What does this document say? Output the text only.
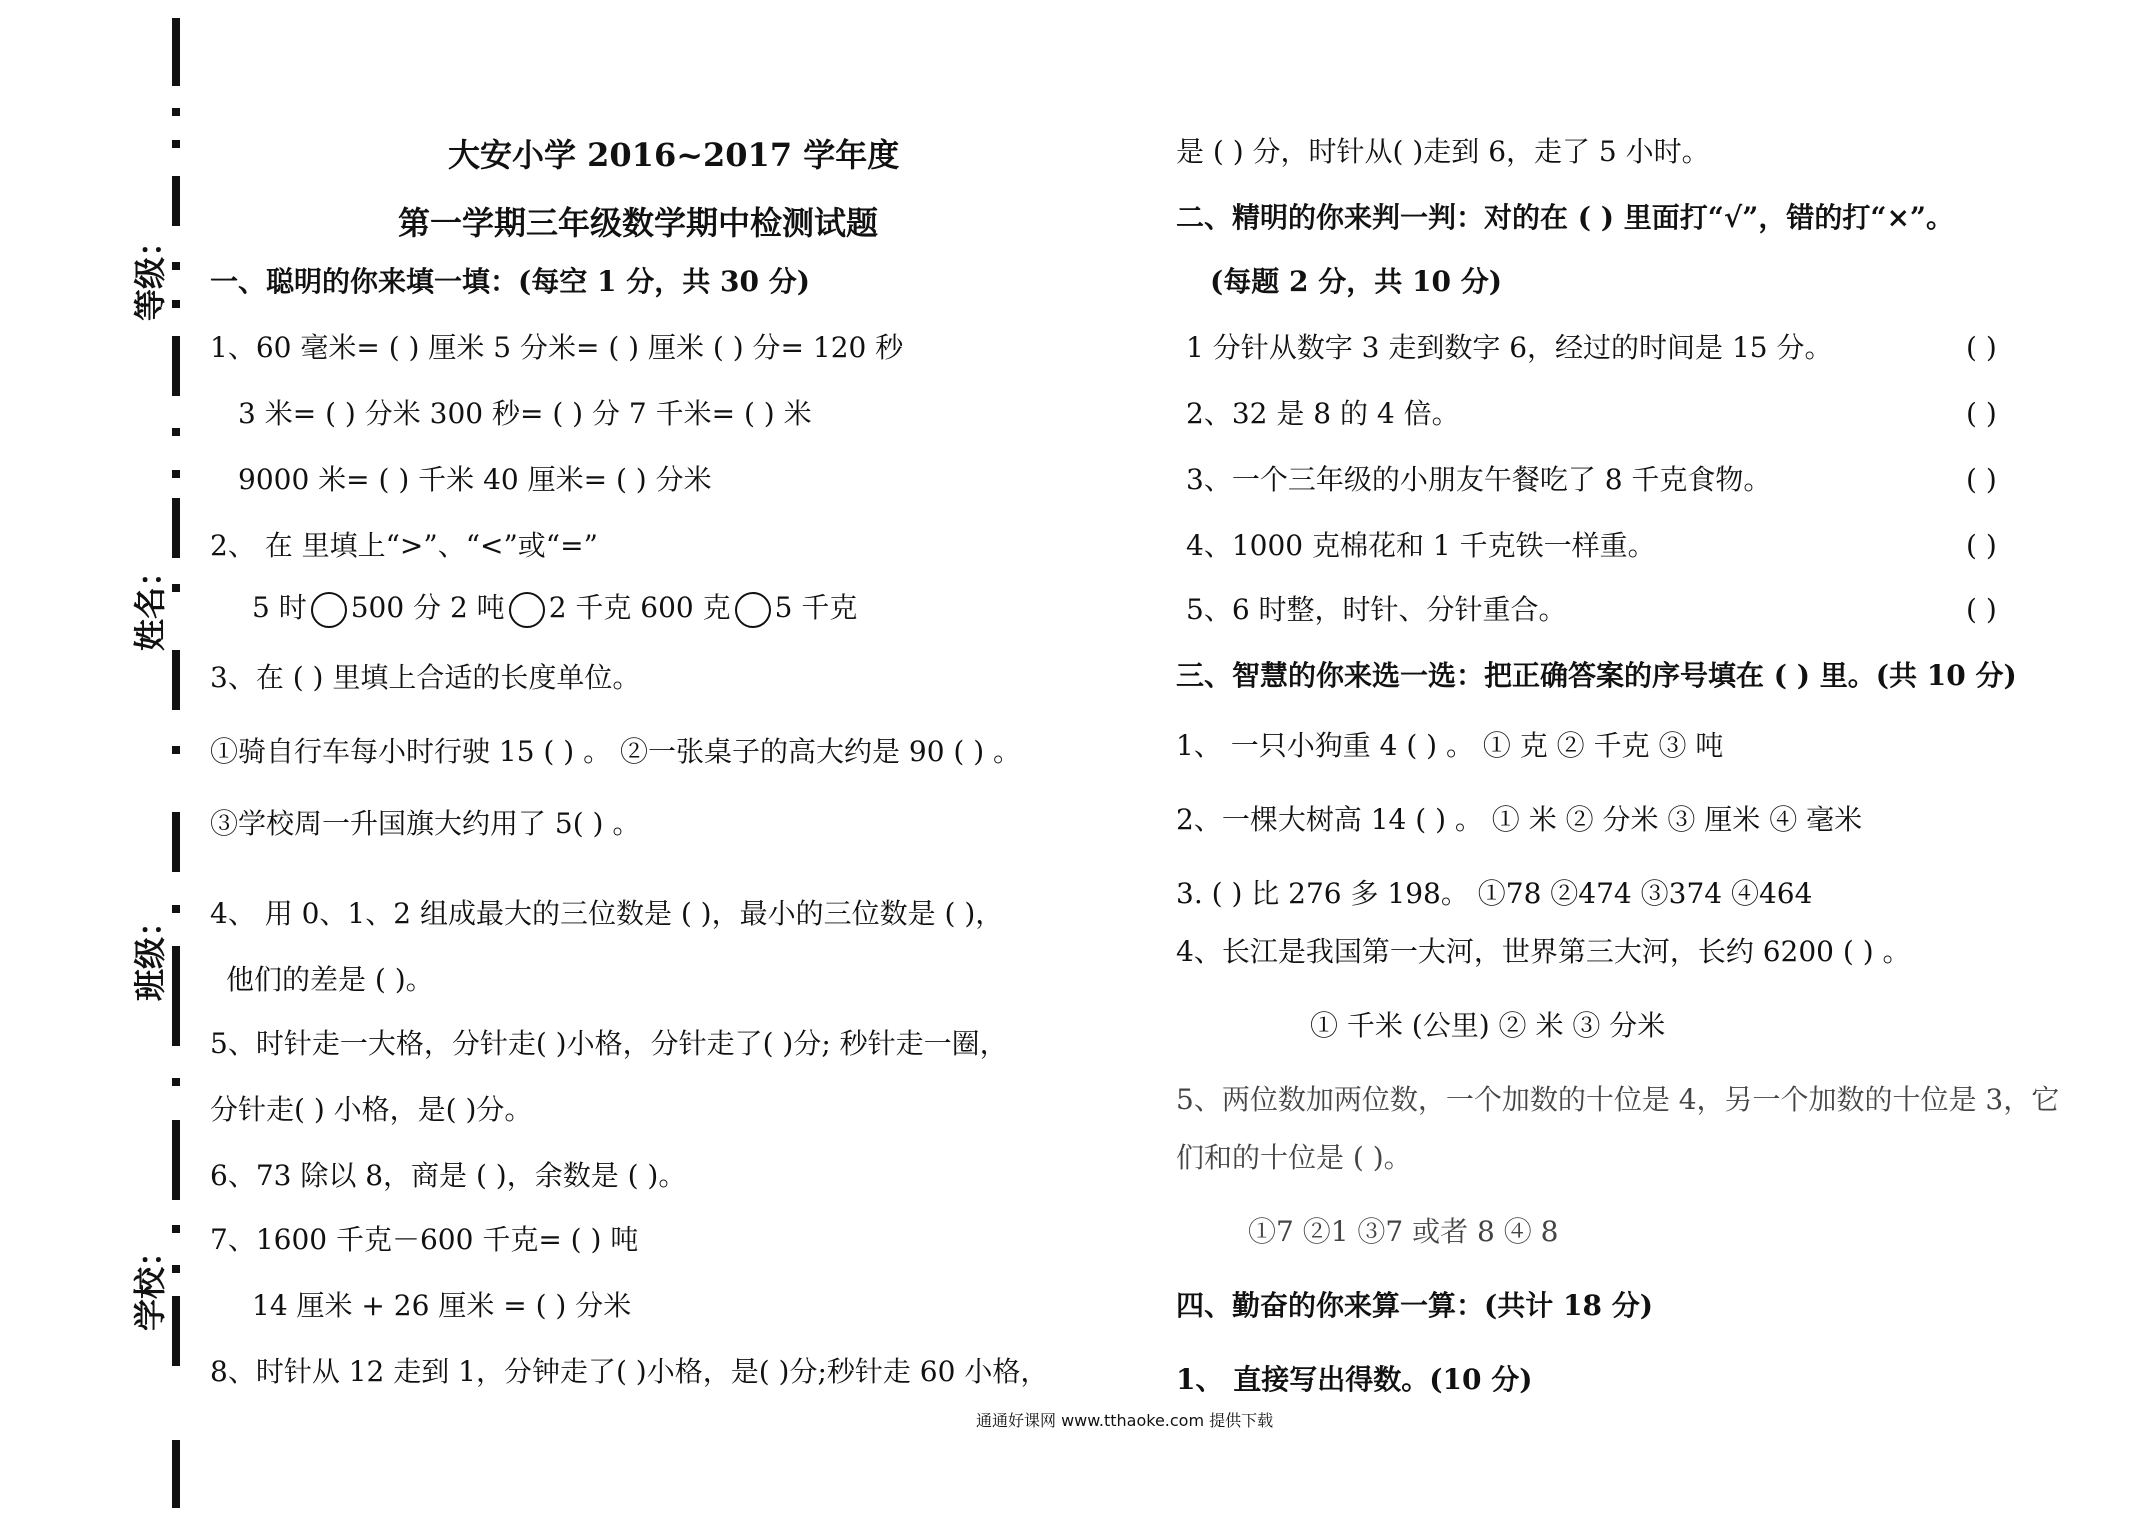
等级：
姓名：
班级：
学校：
大安小学 2016~2017 学年度
第一学期三年级数学期中检测试题
一、聪明的你来填一填：(每空 1 分，共 30 分)
1、60 毫米= ( ) 厘米 5 分米= ( ) 厘米 ( ) 分= 120 秒
3 米= ( ) 分米 300 秒= ( ) 分 7 千米= ( ) 米
9000 米= ( ) 千米 40 厘米= ( ) 分米
2、 在 里填上“>”、“<”或“=”
5 时 500 分 2 吨 2 千克 600 克 5 千克
3、在 ( ) 里填上合适的长度单位。
①骑自行车每小时行驶 15 ( ) 。 ②一张桌子的高大约是 90 ( ) 。
③学校周一升国旗大约用了 5( ) 。
4、 用 0、1、2 组成最大的三位数是 ( )，最小的三位数是 ( )，
他们的差是 ( )。
5、时针走一大格，分针走( )小格，分针走了( )分; 秒针走一圈，
分针走( ) 小格，是( )分。
6、73 除以 8，商是 ( )，余数是 ( )。
7、1600 千克－600 千克= ( ) 吨
14 厘米 + 26 厘米 = ( ) 分米
8、时针从 12 走到 1，分钟走了( )小格，是( )分;秒针走 60 小格，
是 ( ) 分，时针从( )走到 6，走了 5 小时。
二、精明的你来判一判：对的在 ( ) 里面打“√”，错的打“×”。
(每题 2 分，共 10 分)
1 分针从数字 3 走到数字 6，经过的时间是 15 分。	( )
2、32 是 8 的 4 倍。	( )
3、一个三年级的小朋友午餐吃了 8 千克食物。	( )
4、1000 克棉花和 1 千克铁一样重。	( )
5、6 时整，时针、分针重合。	( )
三、智慧的你来选一选：把正确答案的序号填在 ( ) 里。(共 10 分)
1、 一只小狗重 4 ( ) 。 ① 克 ② 千克 ③ 吨
2、一棵大树高 14 ( ) 。 ① 米 ② 分米 ③ 厘米 ④ 毫米
3. ( ) 比 276 多 198。 ①78 ②474 ③374 ④464
4、长江是我国第一大河，世界第三大河，长约 6200 ( ) 。
① 千米 (公里) ② 米 ③ 分米
5、两位数加两位数，一个加数的十位是 4，另一个加数的十位是 3，它
们和的十位是 ( )。
①7 ②1 ③7 或者 8 ④ 8
四、勤奋的你来算一算：(共计 18 分)
1、 直接写出得数。(10 分)
通通好课网 www.tthaoke.com 提供下载
